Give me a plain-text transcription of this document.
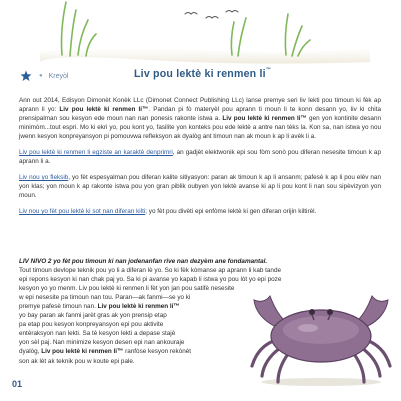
● Kreyòl	Liv pou lektè ki renmen li™

Ann out 2014, Edisyon Dimonèt Konèk LLc (Dimonet Connect Publishing LLc) lanse premye seri liv lekti pou timoun ki fèk ap aprann li yo: Liv pou lektè ki renmen li™. Pandan pi fò materyèl pou aprann ti moun li te konn desann yo, liv ki chita prensipalman sou kesyon ede moun nan nan ponesis rakonte istwa a. Liv pou lektè ki renmen li™ gen yon kontinite desann minimòm...tout espri. Mo ki ekri yo, pou kont yo, fasilite yon konteks pou ede lektè a antre nan tèks la. Kon sa, nan istwa yo nou jwenn kesyon konpreyansyon pi pomouvwa refleksyon ak dyalòg ant timoun nan ak moun k ap li avèk li a.

Liv pou lektè ki renmen li egziste an karaktè denprimri, an gadjèt elektwonik epi sou fòm sonò pou diferan nesesite timoun k ap aprann li a.

Liv nou yo fleksib, yo fèt espesyalman pou diferan kalite sitiyasyon: paran ak timoun k ap li ansanm; pafesè k ap li pou elèv nan yon klas; yon moun k ap rakonte istwa pou yon gran piblik oubyen yon lektè avanse ki ap li pou kont li nan sou sipèvizyon yon moun.

Liv nou yo fèt pou lektè ki sot nan diferan kilti; yo fèt pou divèti epi enfòme lektè ki gen diferan orijin kiltirèl.

LIV NIVO 2 yo fèt pou timoun ki nan jodenanfan rive nan dezyèm ane fondamantal.
Tout timoun devlope teknik pou yo li a diferan lè yo. So ki fèk kòmanse ap aprann li kab tande
epi repons kesyon ki nan chak paj yo. Sa ki pi avanse yo kapab li istwa yo pou lòt yo epi poze
kesyon yo yo menm. Liv pou lektè ki renmen li fèt yon jan pou satifè nesesite
w epi nesesite pa timoun nan tou. Paran—ak fanmi—se yo ki
premye pafesè timoun nan. Liv pou lektè ki renmen li™
yo bay paran ak fanmi jarèt gras ak yon prensip etap
pa etap pou kesyon konpreyansyon epi pou aktivite
entèraksyon nan lekti. Sa tè kesyon lekti a depase stajè
yon sèl paj. Nan minimize kesyon desen epi nan ankouraje
dyalòg, Liv pou lektè ki renmen li™ ranfòse kesyon rekònèt
son ak lèt ak teknik pou w koute epi pale.
01
